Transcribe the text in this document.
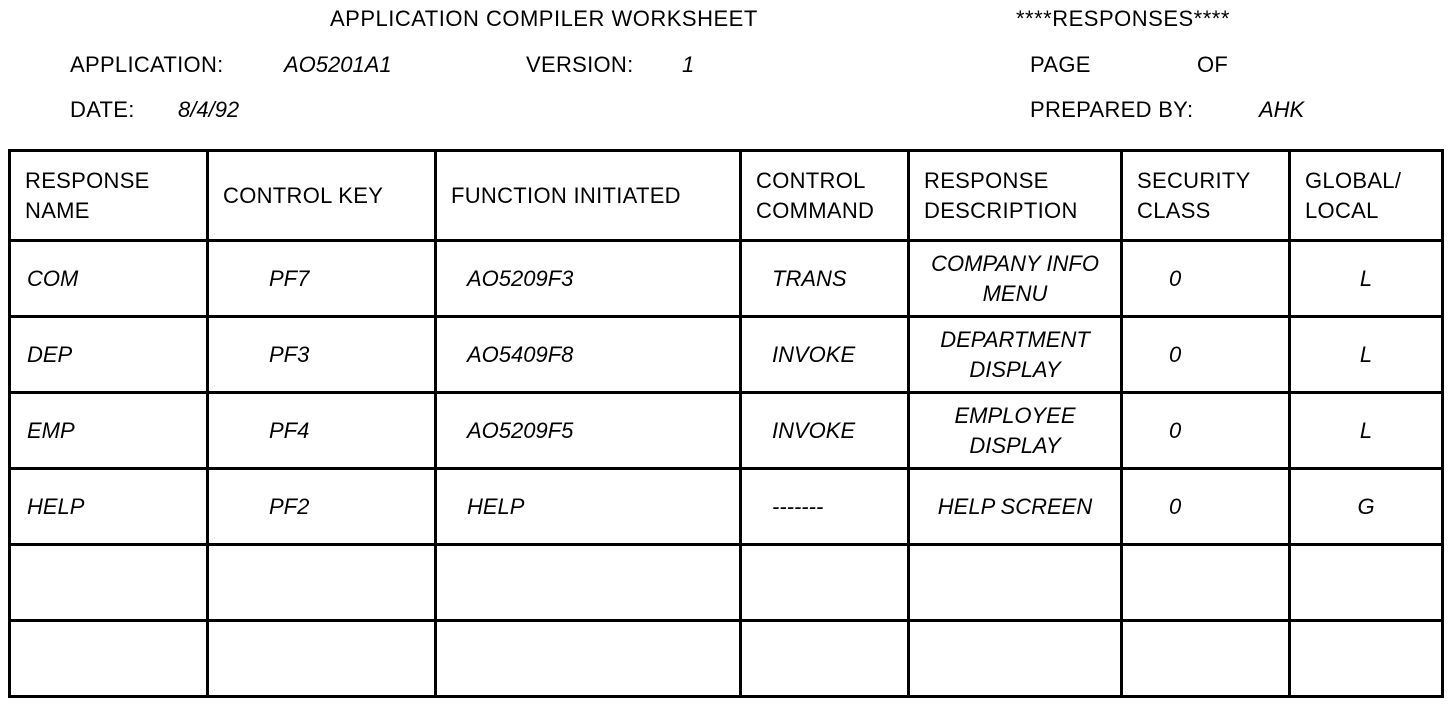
APPLICATION COMPILER WORKSHEET	****RESPONSES****
APPLICATION:	AO5201A1	VERSION: 1	PAGE	OF
DATE: 8/4/92	PREPARED BY:	AHK
RESPONSE NAME	CONTROL KEY	FUNCTION INITIATED	CONTROL COMMAND	RESPONSE DESCRIPTION	SECURITY CLASS	GLOBAL/ LOCAL
COM	PF7	AO5209F3	TRANS	COMPANY INFO MENU	0	L
DEP	PF3	AO5409F8	INVOKE	DEPARTMENT DISPLAY	0	L
EMP	PF4	AO5209F5	INVOKE	EMPLOYEE DISPLAY	0	L
HELP	PF2	HELP	-------	HELP SCREEN	0	G
